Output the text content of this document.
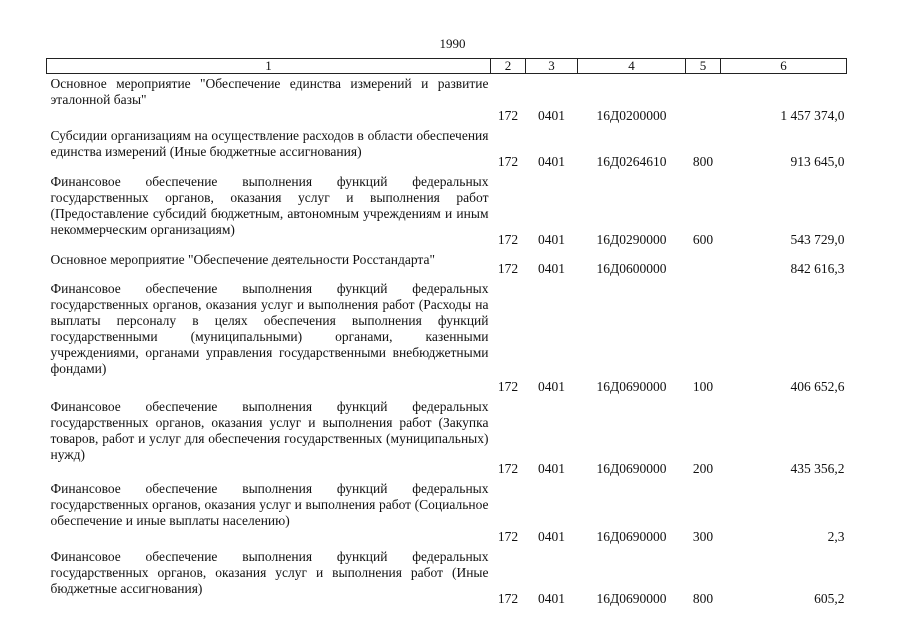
1990
1	2	3	4	5	6
Основное мероприятие "Обеспечение единства измерений и развитие эталонной базы"	172	0401	16Д0200000		1 457 374,0
Субсидии организациям на осуществление расходов в области обеспечения единства измерений (Иные бюджетные ассигнования)	172	0401	16Д0264610	800	913 645,0
Финансовое обеспечение выполнения функций федеральных государственных органов, оказания услуг и выполнения работ (Предоставление субсидий бюджетным, автономным учреждениям и иным некоммерческим организациям)	172	0401	16Д0290000	600	543 729,0
Основное мероприятие "Обеспечение деятельности Росстандарта"	172	0401	16Д0600000		842 616,3
Финансовое обеспечение выполнения функций федеральных государственных органов, оказания услуг и выполнения работ (Расходы на выплаты персоналу в целях обеспечения выполнения функций государственными (муниципальными) органами, казенными учреждениями, органами управления государственными внебюджетными фондами)	172	0401	16Д0690000	100	406 652,6
Финансовое обеспечение выполнения функций федеральных государственных органов, оказания услуг и выполнения работ (Закупка товаров, работ и услуг для обеспечения государственных (муниципальных) нужд)	172	0401	16Д0690000	200	435 356,2
Финансовое обеспечение выполнения функций федеральных государственных органов, оказания услуг и выполнения работ (Социальное обеспечение и иные выплаты населению)	172	0401	16Д0690000	300	2,3
Финансовое обеспечение выполнения функций федеральных государственных органов, оказания услуг и выполнения работ (Иные бюджетные ассигнования)	172	0401	16Д0690000	800	605,2
